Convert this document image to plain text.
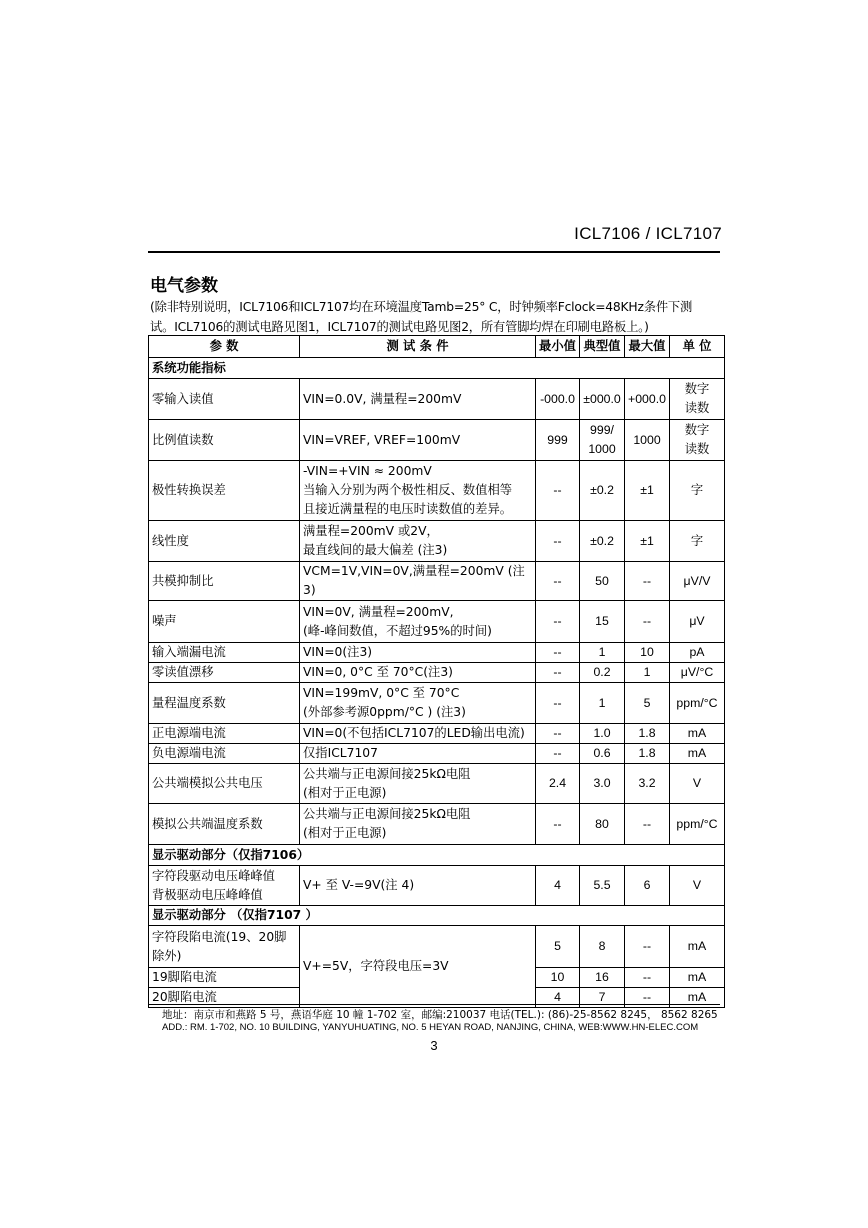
ICL7106 / ICL7107
电气参数
(除非特别说明，ICL7106和ICL7107均在环境温度Tamb=25° C，时钟频率Fclock=48KHz条件下测
试。ICL7106的测试电路见图1，ICL7107的测试电路见图2，所有管脚均焊在印刷电路板上。)
参 数	测 试 条 件	最小值	典型值	最大值	单 位
系统功能指标					
零输入读值	VIN=0.0V, 满量程=200mV	-000.0	±000.0	+000.0	数字
读数
比例值读数	VIN=VREF, VREF=100mV	999	999/
1000	1000	数字
读数
极性转换误差	-VIN=+VIN ≈ 200mV
当输入分别为两个极性相反、数值相等
且接近满量程的电压时读数值的差异。	--	±0.2	±1	字
线性度	满量程=200mV 或2V，
最直线间的最大偏差 (注3)	--	±0.2	±1	字
共模抑制比	VCM=1V,VIN=0V,满量程=200mV (注3)	--	50	--	μV/V
噪声	VIN=0V, 满量程=200mV,
(峰-峰间数值，不超过95%的时间)	--	15	--	μV
输入端漏电流	VIN=0(注3)	--	1	10	pA
零读值漂移	VIN=0, 0°C 至 70°C(注3)	--	0.2	1	μV/°C
量程温度系数	VIN=199mV, 0°C 至 70°C
(外部参考源0ppm/°C ) (注3)	--	1	5	ppm/°C
正电源端电流	VIN=0(不包括ICL7107的LED输出电流)	--	1.0	1.8	mA
负电源端电流	仅指ICL7107	--	0.6	1.8	mA
公共端模拟公共电压	公共端与正电源间接25kΩ电阻
(相对于正电源)	2.4	3.0	3.2	V
模拟公共端温度系数	公共端与正电源间接25kΩ电阻
(相对于正电源)	--	80	--	ppm/°C
显示驱动部分（仅指7106）					
字符段驱动电压峰峰值
背极驱动电压峰峰值	V+ 至 V-=9V(注 4)	4	5.5	6	V
显示驱动部分 （仅指7107 ）					
字符段陷电流(19、20脚
除外)	V+=5V，字符段电压=3V	5	8	--	mA
19脚陷电流		10	16	--	mA
20脚陷电流		4	7	--	mA
地址：南京市和燕路 5 号，燕语华庭 10 幢 1-702 室，邮编:210037 电话(TEL.): (86)-25-8562 8245， 8562 8265
ADD.: RM. 1-702, NO. 10 BUILDING, YANYUHUATING, NO. 5 HEYAN ROAD, NANJING, CHINA, WEB:WWW.HN-ELEC.COM
3
